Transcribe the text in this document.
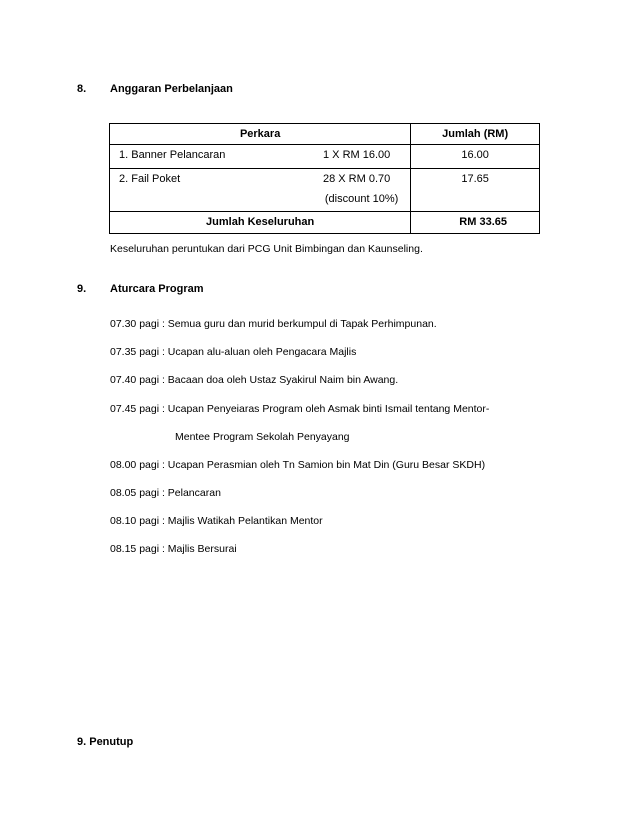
8. Anggaran Perbelanjaan
Perkara	Jumlah (RM)

1. Banner Pelancaran 1 X RM 16.00	16.00

2. Fail Poket 28 X RM 0.70
(discount 10%)	17.65

Jumlah Keseluruhan	RM 33.65
Keseluruhan peruntukan dari PCG Unit Bimbingan dan Kaunseling.
9. Aturcara Program
07.30 pagi : Semua guru dan murid berkumpul di Tapak Perhimpunan.
07.35 pagi : Ucapan alu-aluan oleh Pengacara Majlis
07.40 pagi : Bacaan doa oleh Ustaz Syakirul Naim bin Awang.
07.45 pagi : Ucapan Penyeiaras Program oleh Asmak binti Ismail tentang Mentor-
Mentee Program Sekolah Penyayang
08.00 pagi : Ucapan Perasmian oleh Tn Samion bin Mat Din (Guru Besar SKDH)
08.05 pagi : Pelancaran
08.10 pagi : Majlis Watikah Pelantikan Mentor
08.15 pagi : Majlis Bersurai
9. Penutup
